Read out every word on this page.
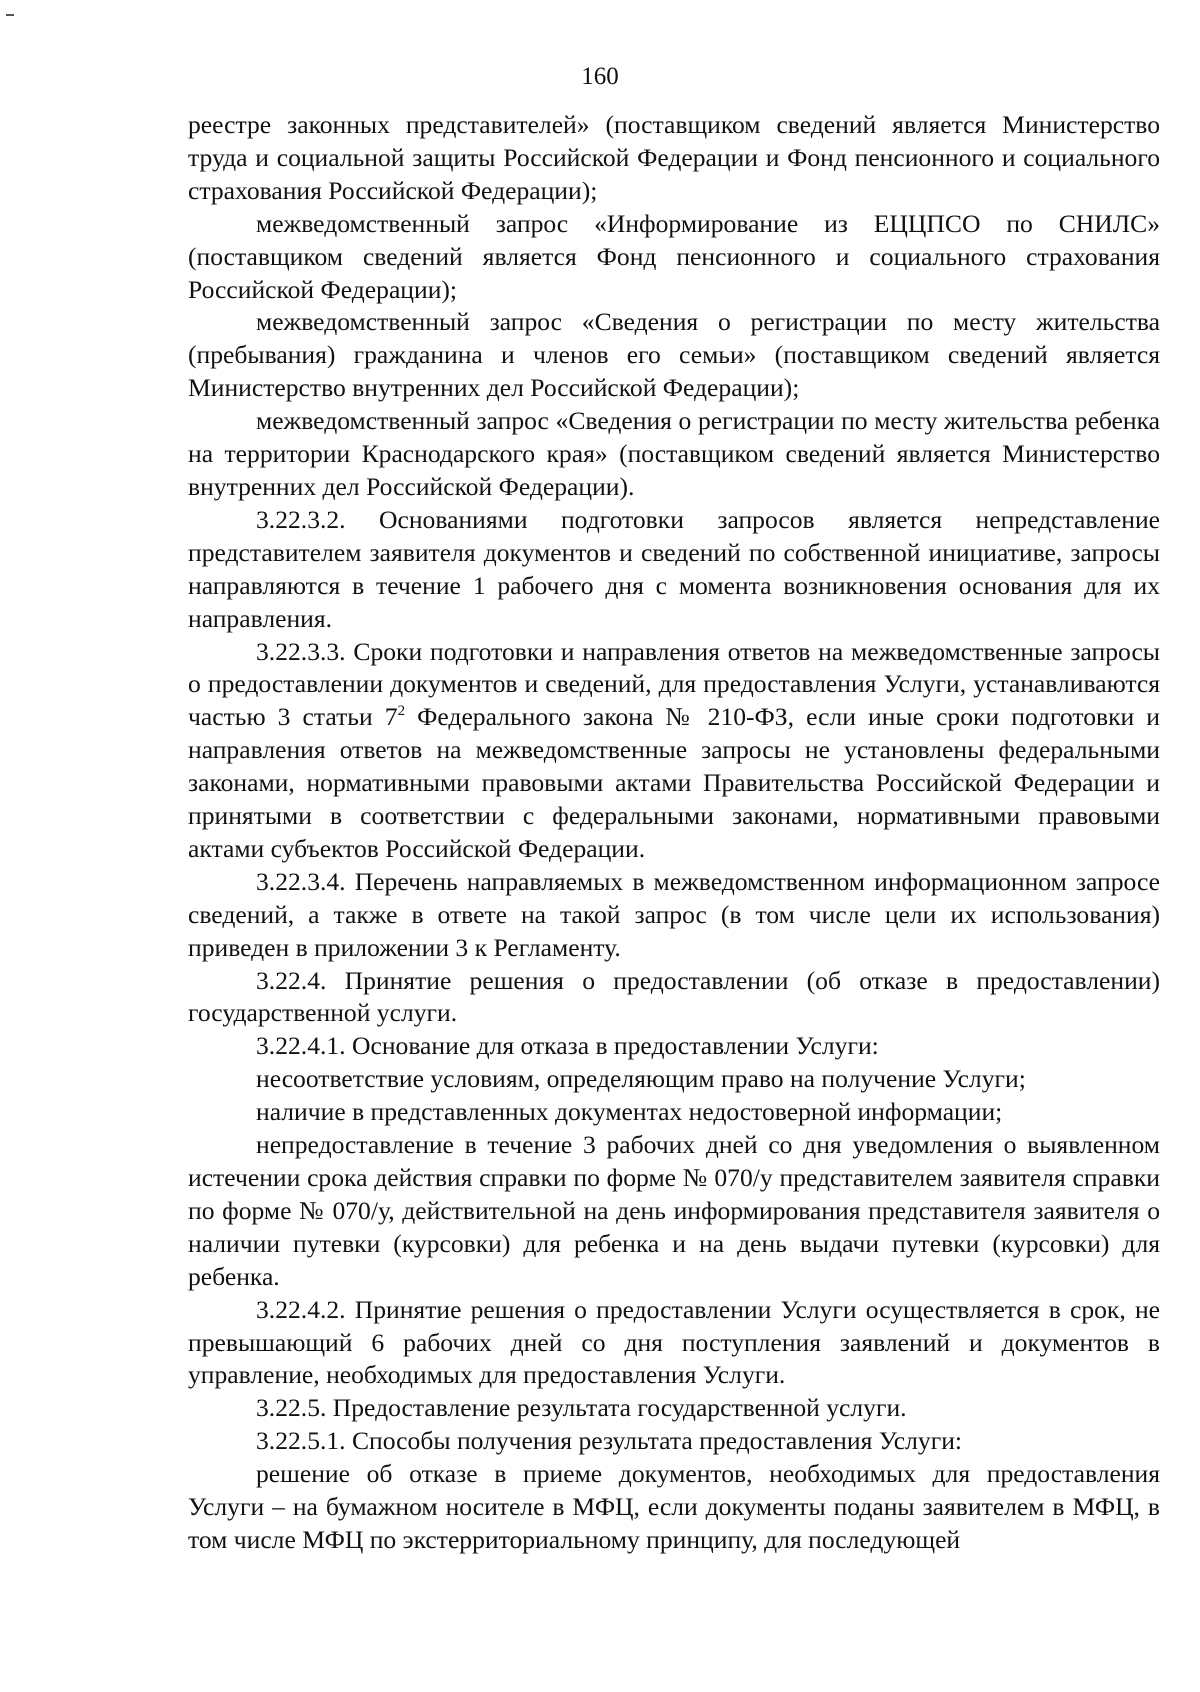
160

реестре законных представителей» (поставщиком сведений является Министерство труда и социальной защиты Российской Федерации и Фонд пенсионного и социального страхования Российской Федерации);

межведомственный запрос «Информирование из ЕЦЦПСО по СНИЛС» (поставщиком сведений является Фонд пенсионного и социального страхования Российской Федерации);

межведомственный запрос «Сведения о регистрации по месту жительства (пребывания) гражданина и членов его семьи» (поставщиком сведений является Министерство внутренних дел Российской Федерации);

межведомственный запрос «Сведения о регистрации по месту жительства ребенка на территории Краснодарского края» (поставщиком сведений является Министерство внутренних дел Российской Федерации).

3.22.3.2. Основаниями подготовки запросов является непредставление представителем заявителя документов и сведений по собственной инициативе, запросы направляются в течение 1 рабочего дня с момента возникновения основания для их направления.

3.22.3.3. Сроки подготовки и направления ответов на межведомственные запросы о предоставлении документов и сведений, для предоставления Услуги, устанавливаются частью 3 статьи $7^2$ Федерального закона № 210-ФЗ, если иные сроки подготовки и направления ответов на межведомственные запросы не установлены федеральными законами, нормативными правовыми актами Правительства Российской Федерации и принятыми в соответствии с федеральными законами, нормативными правовыми актами субъектов Российской Федерации.

3.22.3.4. Перечень направляемых в межведомственном информационном запросе сведений, а также в ответе на такой запрос (в том числе цели их использования) приведен в приложении 3 к Регламенту.

3.22.4. Принятие решения о предоставлении (об отказе в предоставлении) государственной услуги.

3.22.4.1. Основание для отказа в предоставлении Услуги:

несоответствие условиям, определяющим право на получение Услуги;

наличие в представленных документах недостоверной информации;

непредоставление в течение 3 рабочих дней со дня уведомления о выявленном истечении срока действия справки по форме № 070/у представителем заявителя справки по форме № 070/у, действительной на день информирования представителя заявителя о наличии путевки (курсовки) для ребенка и на день выдачи путевки (курсовки) для ребенка.

3.22.4.2. Принятие решения о предоставлении Услуги осуществляется в срок, не превышающий 6 рабочих дней со дня поступления заявлений и документов в управление, необходимых для предоставления Услуги.

3.22.5. Предоставление результата государственной услуги.

3.22.5.1. Способы получения результата предоставления Услуги:

решение об отказе в приеме документов, необходимых для предоставления Услуги – на бумажном носителе в МФЦ, если документы поданы заявителем в МФЦ, в том числе МФЦ по экстерриториальному принципу, для последующей
